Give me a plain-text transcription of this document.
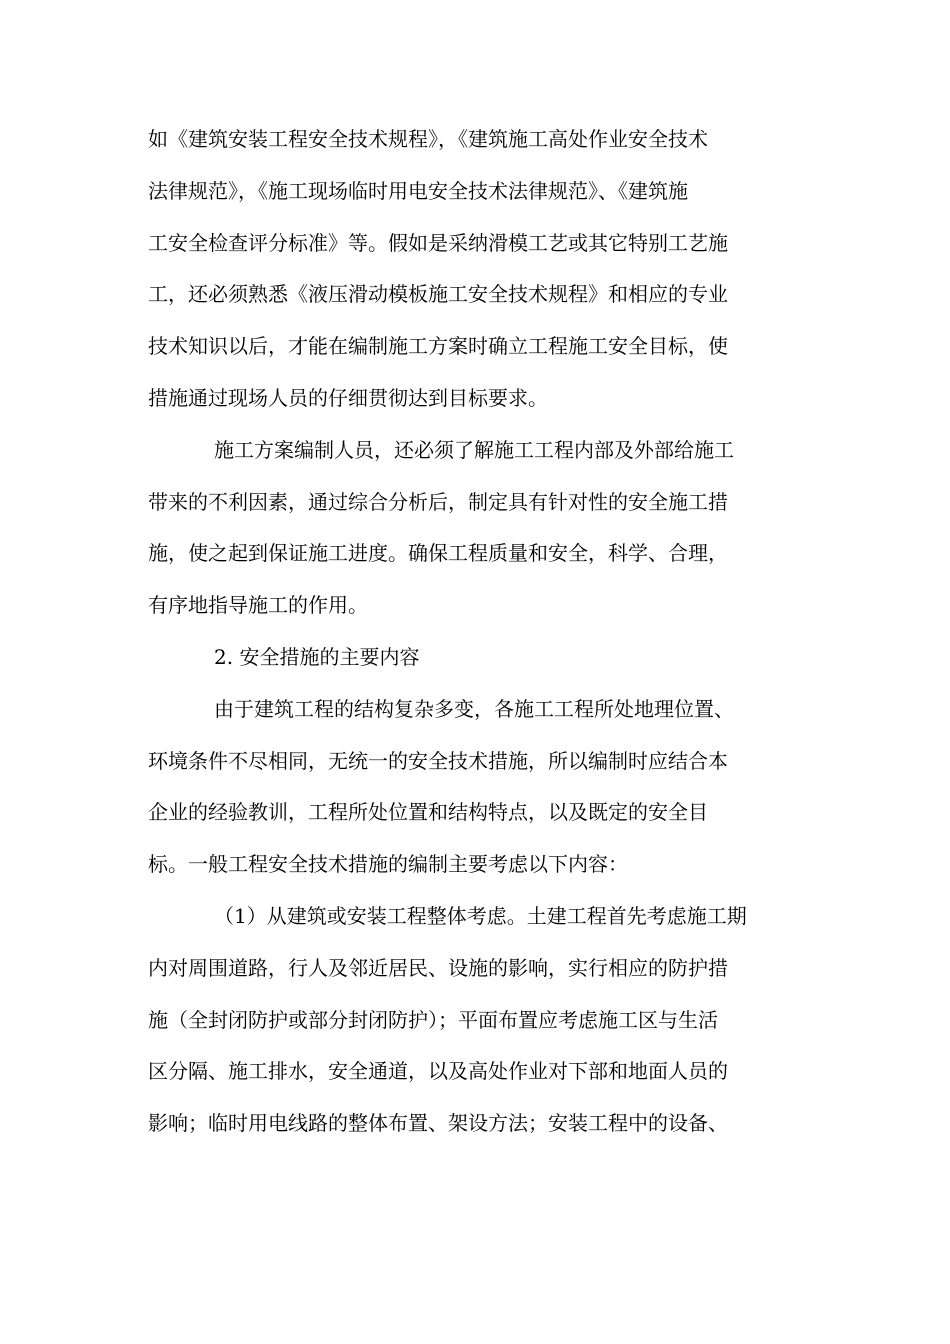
如《建筑安装工程安全技术规程》，《建筑施工高处作业安全技术
法律规范》，《施工现场临时用电安全技术法律规范》、《建筑施
工安全检查评分标准》等。假如是采纳滑模工艺或其它特别工艺施
工，还必须熟悉《液压滑动模板施工安全技术规程》和相应的专业
技术知识以后，才能在编制施工方案时确立工程施工安全目标，使
措施通过现场人员的仔细贯彻达到目标要求。
施工方案编制人员，还必须了解施工工程内部及外部给施工
带来的不利因素，通过综合分析后，制定具有针对性的安全施工措
施，使之起到保证施工进度。确保工程质量和安全，科学、合理，
有序地指导施工的作用。
2. 安全措施的主要内容
由于建筑工程的结构复杂多变，各施工工程所处地理位置、
环境条件不尽相同，无统一的安全技术措施，所以编制时应结合本
企业的经验教训，工程所处位置和结构特点，以及既定的安全目
标。一般工程安全技术措施的编制主要考虑以下内容：
（1）从建筑或安装工程整体考虑。土建工程首先考虑施工期
内对周围道路，行人及邻近居民、设施的影响，实行相应的防护措
施（全封闭防护或部分封闭防护）；平面布置应考虑施工区与生活
区分隔、施工排水，安全通道，以及高处作业对下部和地面人员的
影响；临时用电线路的整体布置、架设方法；安装工程中的设备、
